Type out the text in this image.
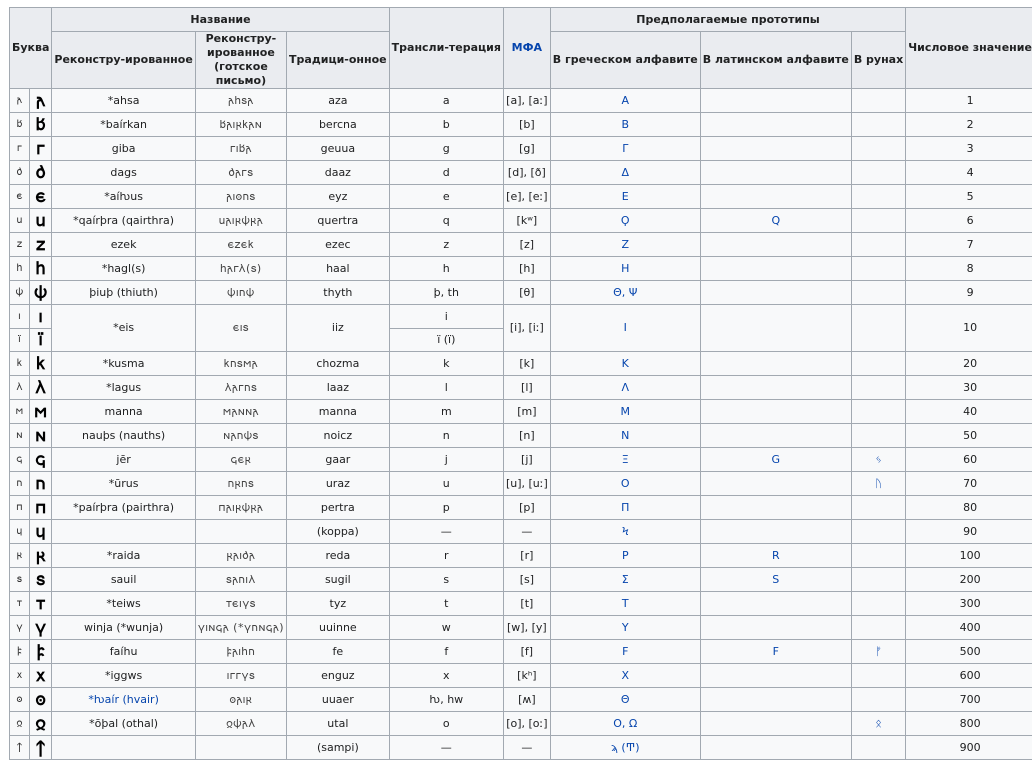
Буква		Название			Трансли-терация	МФА	Предполагаемые прототипы			Числовое значение
		Реконстру-ированное	Реконстру-ированное (готское письмо)	Традици-онное			В греческом алфавите	В латинском алфавите	В рунах	
𐌰	𐌰	*ahsa	𐌰𐌷𐍃𐌰	aza	a	[a], [aː]	Α			1
𐌱	𐌱	*baírkan	𐌱𐌰𐌹𐍂𐌺𐌰𐌽	bercna	b	[b]	Β			2
𐌲	𐌲	giba	𐌲𐌹𐌱𐌰	geuua	g	[g]	Γ			3
𐌳	𐌳	dags	𐌳𐌰𐌲𐍃	daaz	d	[d], [ð]	Δ			4
𐌴	𐌴	*aíƕus	𐌰𐌹𐍈𐌿𐍃	eyz	e	[e], [eː]	Ε			5
𐌵	𐌵	*qaírþra (qairthra)	𐌵𐌰𐌹𐍂𐌸𐍂𐌰	quertra	q	[kʷ]	Ϙ	Q		6
𐌶	𐌶	ezek	𐌴𐌶𐌴𐌺	ezec	z	[z]	Ζ			7
𐌷	𐌷	*hagl(s)	𐌷𐌰𐌲𐌻(𐍃)	haal	h	[h]	Η			8
𐌸	𐌸	þiuþ (thiuth)	𐌸𐌹𐌿𐌸	thyth	þ, th	[θ]	Θ, Ψ			9
𐌹	𐌹	*eis	𐌴𐌹𐍃	iiz	i	[i], [iː]	Ι			10
𐌹̈	𐌹̈				ï (ï)					
𐌺	𐌺	*kusma	𐌺𐌿𐍃𐌼𐌰	chozma	k	[k]	Κ			20
𐌻	𐌻	*lagus	𐌻𐌰𐌲𐌿𐍃	laaz	l	[l]	Λ			30
𐌼	𐌼	manna	𐌼𐌰𐌽𐌽𐌰	manna	m	[m]	Μ			40
𐌽	𐌽	nauþs (nauths)	𐌽𐌰𐌿𐌸𐍃	noicz	n	[n]	Ν			50
𐌾	𐌾	jēr	𐌾𐌴𐍂	gaar	j	[j]	Ξ	G	ᛃ	60
𐌿	𐌿	*ūrus	𐌿𐍂𐌿𐍃	uraz	u	[u], [uː]	Ο		ᚢ	70
𐍀	𐍀	*paírþra (pairthra)	𐍀𐌰𐌹𐍂𐌸𐍂𐌰	pertra	p	[p]	Π			80
𐍁	𐍁			(koppa)	—	—	Ϟ			90
𐍂	𐍂	*raida	𐍂𐌰𐌹𐌳𐌰	reda	r	[r]	Ρ	R		100
𐍃	𐍃	sauil	𐍃𐌰𐌿𐌹𐌻	sugil	s	[s]	Σ	S		200
𐍄	𐍄	*teiws	𐍄𐌴𐌹𐍅𐍃	tyz	t	[t]	Τ			300
𐍅	𐍅	winja (*wunja)	𐍅𐌹𐌽𐌾𐌰 (*𐍅𐌿𐌽𐌾𐌰)	uuinne	w	[w], [y]	Υ			400
𐍆	𐍆	faíhu	𐍆𐌰𐌹𐌷𐌿	fe	f	[f]	Ϝ	F	ᚠ	500
𐍇	𐍇	*iggws	𐌹𐌲𐌲𐍅𐍃	enguz	x	[kʰ]	Χ			600
𐍈	𐍈	*ƕaír (hvair)	𐍈𐌰𐌹𐍂	uuaer	ƕ, hw	[ʍ]	Θ			700
𐍉	𐍉	*ōþal (othal)	𐍉𐌸𐌰𐌻	utal	o	[o], [oː]	Ο, Ω		ᛟ	800
𐍊	𐍊			(sampi)	—	—	ϡ (Ͳ)			900
